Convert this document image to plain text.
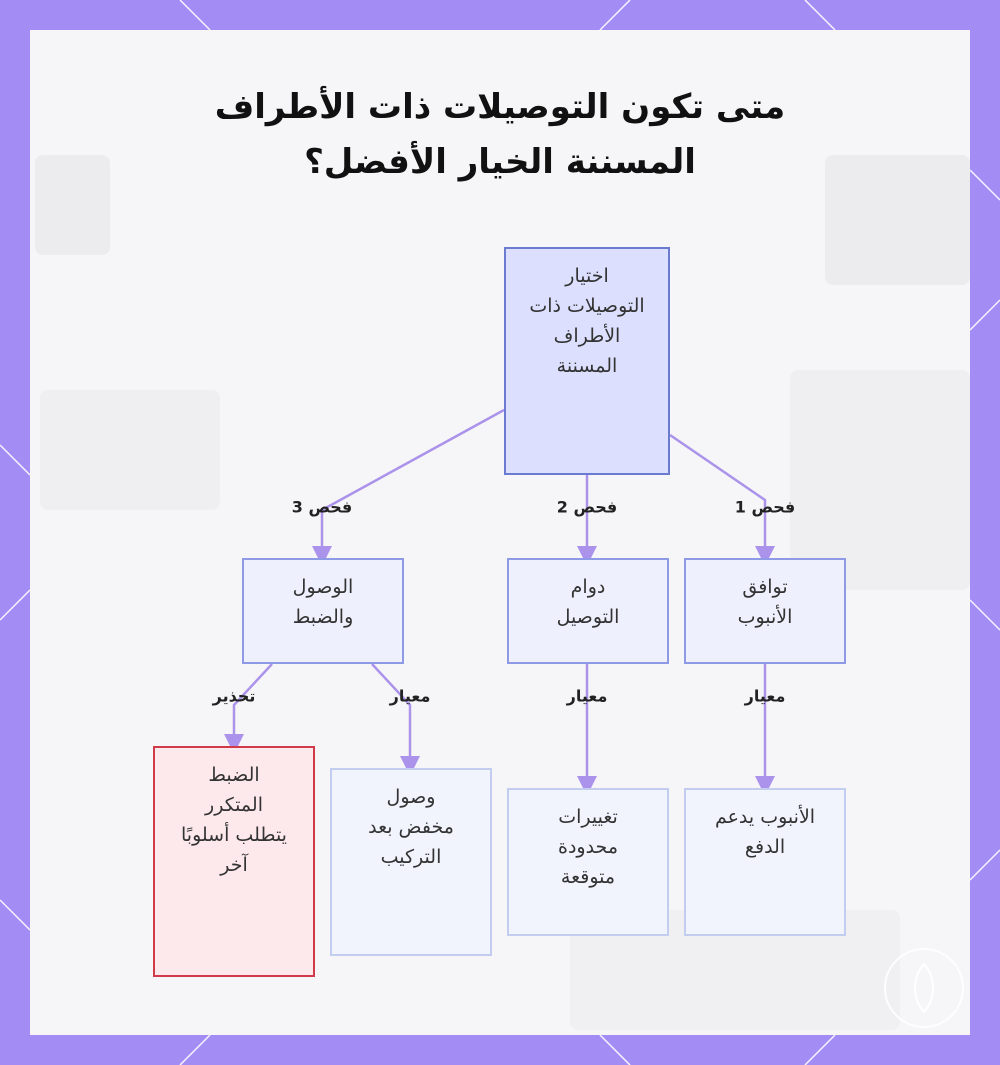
متى تكون التوصيلات ذات الأطراف
المسننة الخيار الأفضل؟
فحص 1
فحص 2
فحص 3
معيار
معيار
معيار
تحذير
اختيار التوصيلات ذات الأطراف المسننة
توافق الأنبوب
دوام التوصيل
الوصول والضبط
الأنبوب يدعم الدفع
تغييرات محدودة متوقعة
وصول مخفض بعد التركيب
الضبط المتكرر يتطلب أسلوبًا آخر
